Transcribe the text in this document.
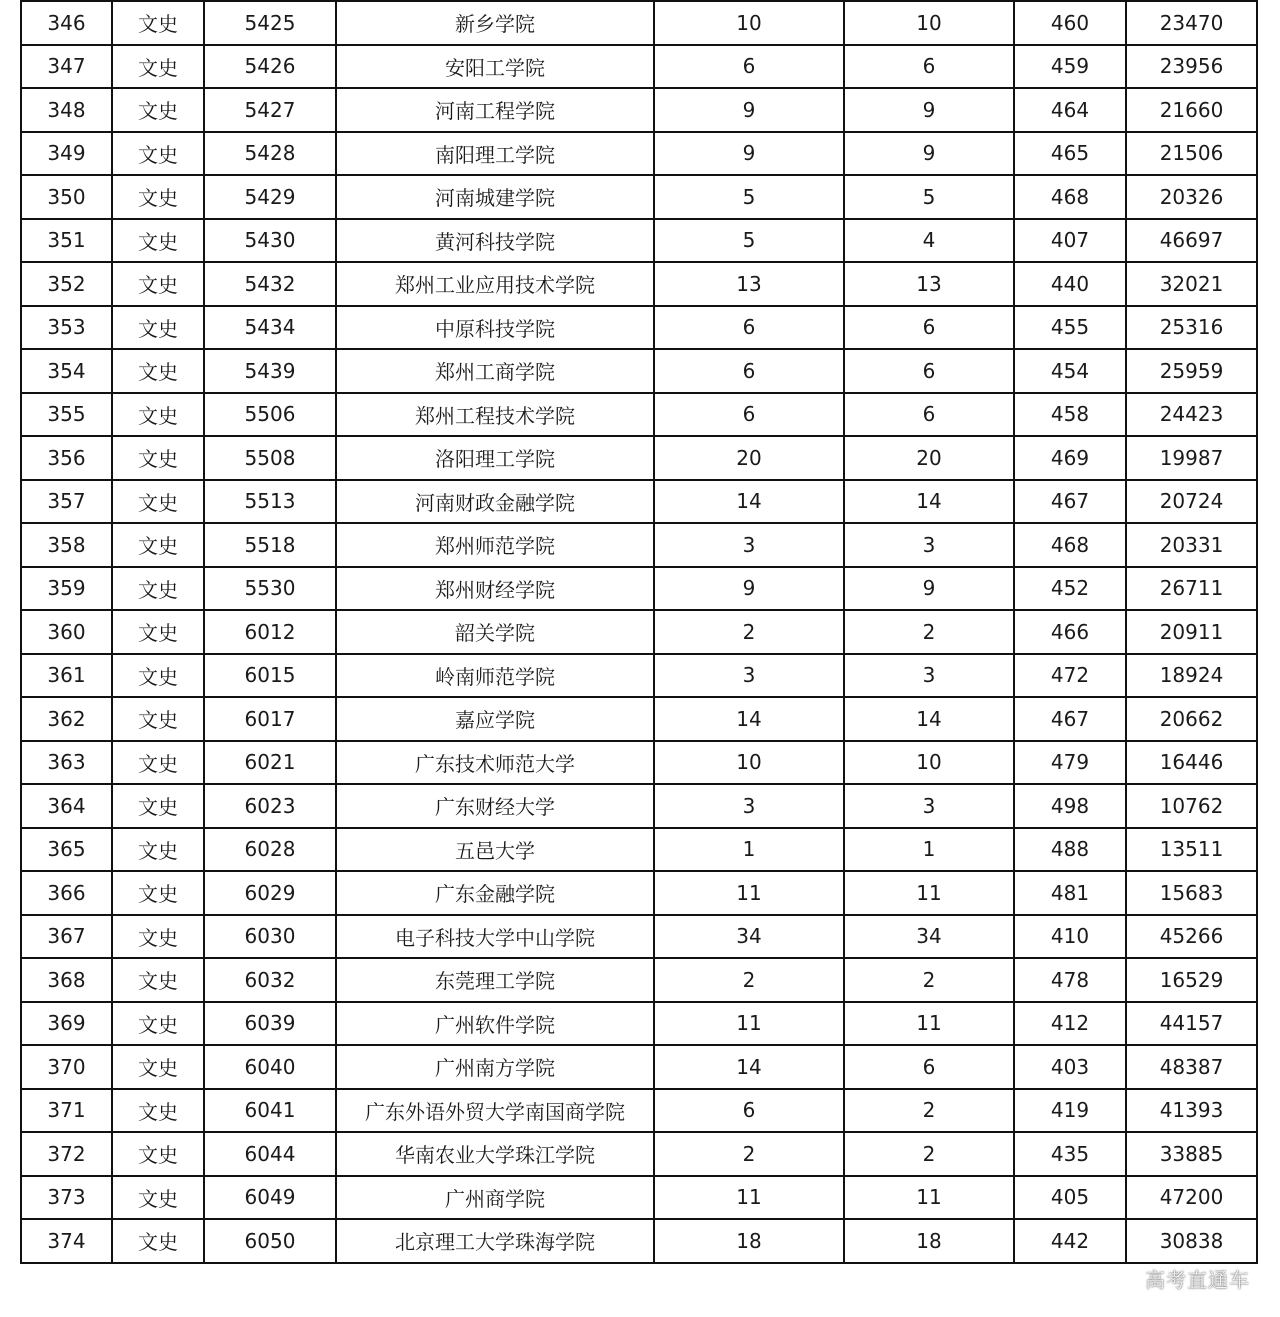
346	文史	5425	新乡学院	10	10	460	23470
347	文史	5426	安阳工学院	6	6	459	23956
348	文史	5427	河南工程学院	9	9	464	21660
349	文史	5428	南阳理工学院	9	9	465	21506
350	文史	5429	河南城建学院	5	5	468	20326
351	文史	5430	黄河科技学院	5	4	407	46697
352	文史	5432	郑州工业应用技术学院	13	13	440	32021
353	文史	5434	中原科技学院	6	6	455	25316
354	文史	5439	郑州工商学院	6	6	454	25959
355	文史	5506	郑州工程技术学院	6	6	458	24423
356	文史	5508	洛阳理工学院	20	20	469	19987
357	文史	5513	河南财政金融学院	14	14	467	20724
358	文史	5518	郑州师范学院	3	3	468	20331
359	文史	5530	郑州财经学院	9	9	452	26711
360	文史	6012	韶关学院	2	2	466	20911
361	文史	6015	岭南师范学院	3	3	472	18924
362	文史	6017	嘉应学院	14	14	467	20662
363	文史	6021	广东技术师范大学	10	10	479	16446
364	文史	6023	广东财经大学	3	3	498	10762
365	文史	6028	五邑大学	1	1	488	13511
366	文史	6029	广东金融学院	11	11	481	15683
367	文史	6030	电子科技大学中山学院	34	34	410	45266
368	文史	6032	东莞理工学院	2	2	478	16529
369	文史	6039	广州软件学院	11	11	412	44157
370	文史	6040	广州南方学院	14	6	403	48387
371	文史	6041	广东外语外贸大学南国商学院	6	2	419	41393
372	文史	6044	华南农业大学珠江学院	2	2	435	33885
373	文史	6049	广州商学院	11	11	405	47200
374	文史	6050	北京理工大学珠海学院	18	18	442	30838
高考直通车
